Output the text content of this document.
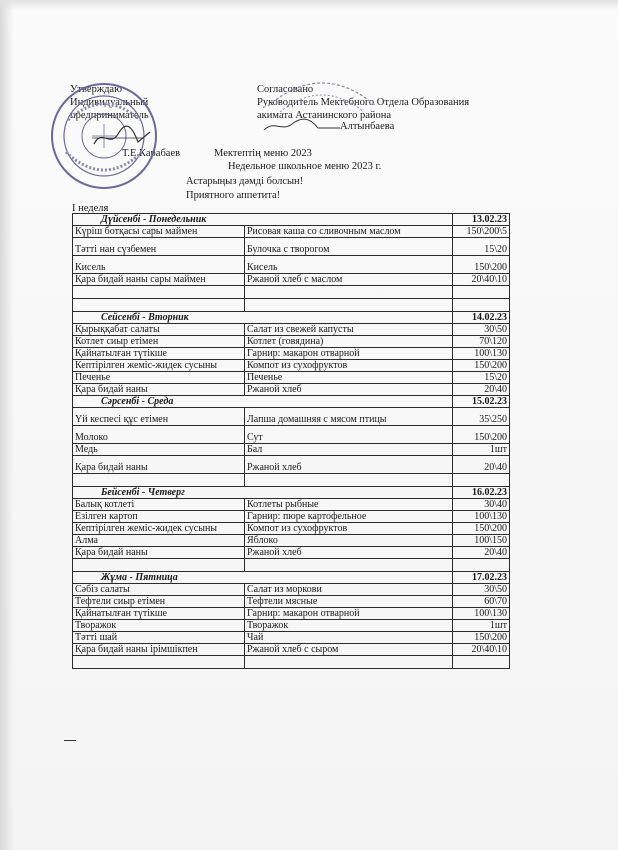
Утверждаю
Индивидуальный
предприниматель
Т.Е.Карабаев
Согласовано
Руководитель Мектебного Отдела Образования
акимата Астанинского района
Алтынбаева
Мектептің меню 2023
Недельное школьное меню 2023 г.
Астарыңыз дәмді болсын!
Приятного аппетита!
I неделя
Дүйсенбі - Понедельник		13.02.23
Күріш ботқасы сары маймен	Рисовая каша со сливочным маслом	150\200\5
Тәтті нан сүзбемен	Булочка с творогом	15\20
Кисель	Кисель	150\200
Қара бидай наны сары маймен	Ржаной хлеб с маслом	20\40\10

Сейсенбі - Вторник		14.02.23
Қырыққабат салаты	Салат из свежей капусты	30\50
Котлет сиыр етімен	Котлет (говядина)	70\120
Қайнатылған түтікше	Гарнир: макарон отварной	100\130
Кептірілген жеміс-жидек сусыны	Компот из сухофруктов	150\200
Печенье	Печенье	15\20
Қара бидай наны	Ржаной хлеб	20\40
Сәрсенбі - Среда		15.02.23
Үй кеспесі құс етімен	Лапша домашняя с мясом птицы	35\250
Молоко	Сут	150\200
Медь	Бал	1шт
Қара бидай наны	Ржаной хлеб	20\40

Бейсенбі - Четверг		16.02.23
Балық котлеті	Котлеты рыбные	30\40
Езілген картоп	Гарнир: пюре картофельное	100\130
Кептірілген жеміс-жидек сусыны	Компот из сухофруктов	150\200
Алма	Яблоко	100\150
Қара бидай наны	Ржаной хлеб	20\40

Жұма - Пятница		17.02.23
Сәбіз салаты	Салат из моркови	30\50
Тефтели сиыр етімен	Тефтели мясные	60\70
Қайнатылған түтікше	Гарнир: макарон отварной	100\130
Творажок	Творажок	1шт
Тәтті шай	Чай	150\200
Қара бидай наны ірімшікпен	Ржаной хлеб с сыром	20\40\10
